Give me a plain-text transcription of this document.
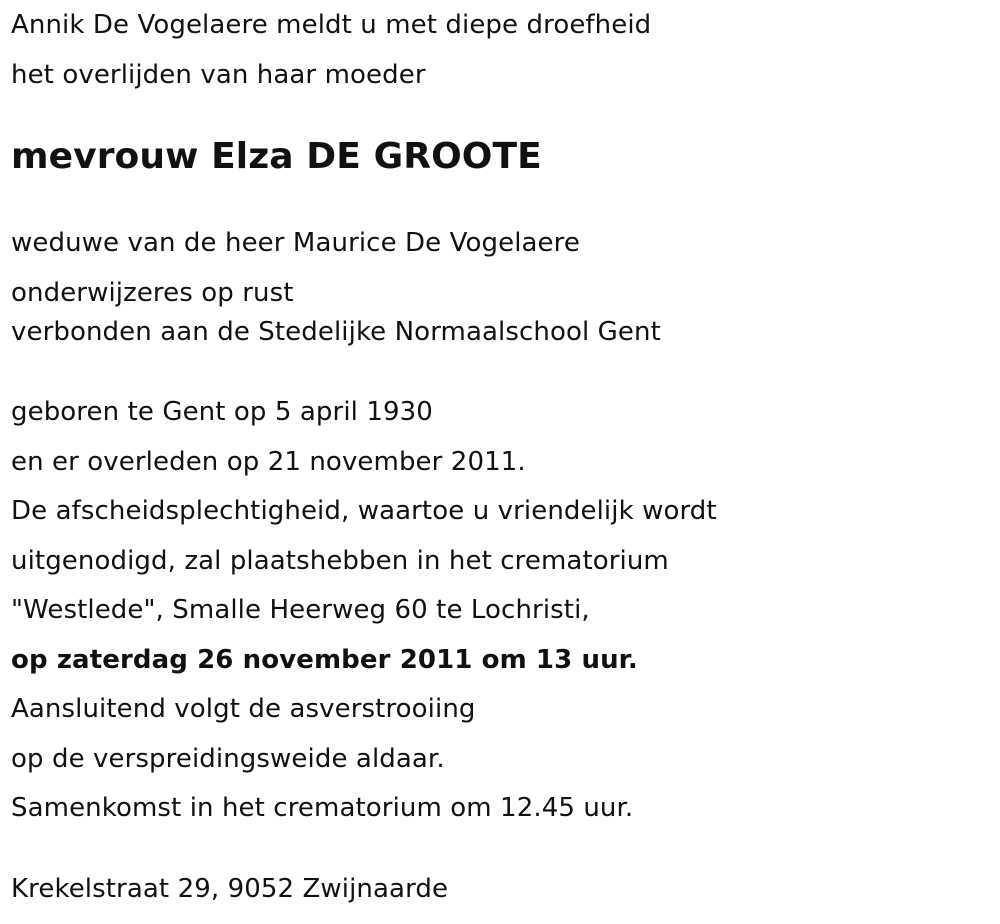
Annik De Vogelaere meldt u met diepe droefheid
het overlijden van haar moeder
mevrouw Elza DE GROOTE
weduwe van de heer Maurice De Vogelaere
onderwijzeres op rust
verbonden aan de Stedelijke Normaalschool Gent
geboren te Gent op 5 april 1930
en er overleden op 21 november 2011.
De afscheidsplechtigheid, waartoe u vriendelijk wordt
uitgenodigd, zal plaatshebben in het crematorium
"Westlede", Smalle Heerweg 60 te Lochristi,
op zaterdag 26 november 2011 om 13 uur.
Aansluitend volgt de asverstrooiing
op de verspreidingsweide aldaar.
Samenkomst in het crematorium om 12.45 uur.
Krekelstraat 29, 9052 Zwijnaarde
